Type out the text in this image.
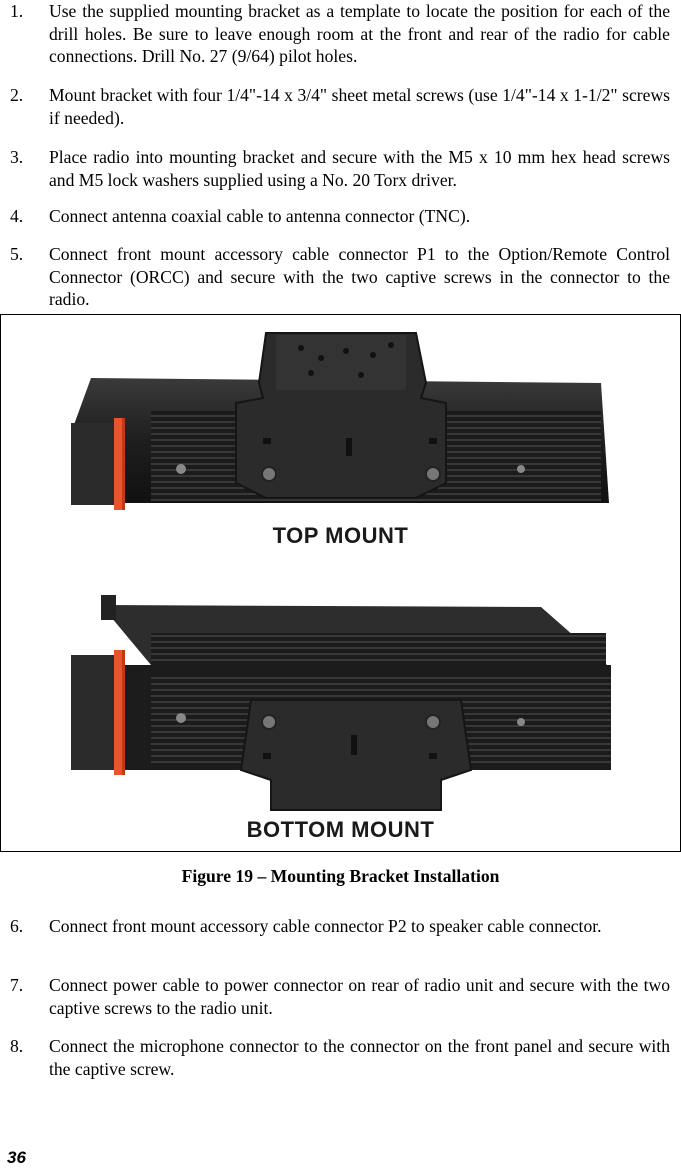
1. Use the supplied mounting bracket as a template to locate the position for each of the drill holes. Be sure to leave enough room at the front and rear of the radio for cable connections. Drill No. 27 (9/64) pilot holes.
2. Mount bracket with four 1/4"-14 x 3/4" sheet metal screws (use 1/4"-14 x 1-1/2" screws if needed).
3. Place radio into mounting bracket and secure with the M5 x 10 mm hex head screws and M5 lock washers supplied using a No. 20 Torx driver.
4. Connect antenna coaxial cable to antenna connector (TNC).
5. Connect front mount accessory cable connector P1 to the Option/Remote Control Connector (ORCC) and secure with the two captive screws in the connector to the radio.
TOP MOUNT
BOTTOM MOUNT
Figure 19 – Mounting Bracket Installation
6. Connect front mount accessory cable connector P2 to speaker cable connector.
7. Connect power cable to power connector on rear of radio unit and secure with the two captive screws to the radio unit.
8. Connect the microphone connector to the connector on the front panel and secure with the captive screw.
36
